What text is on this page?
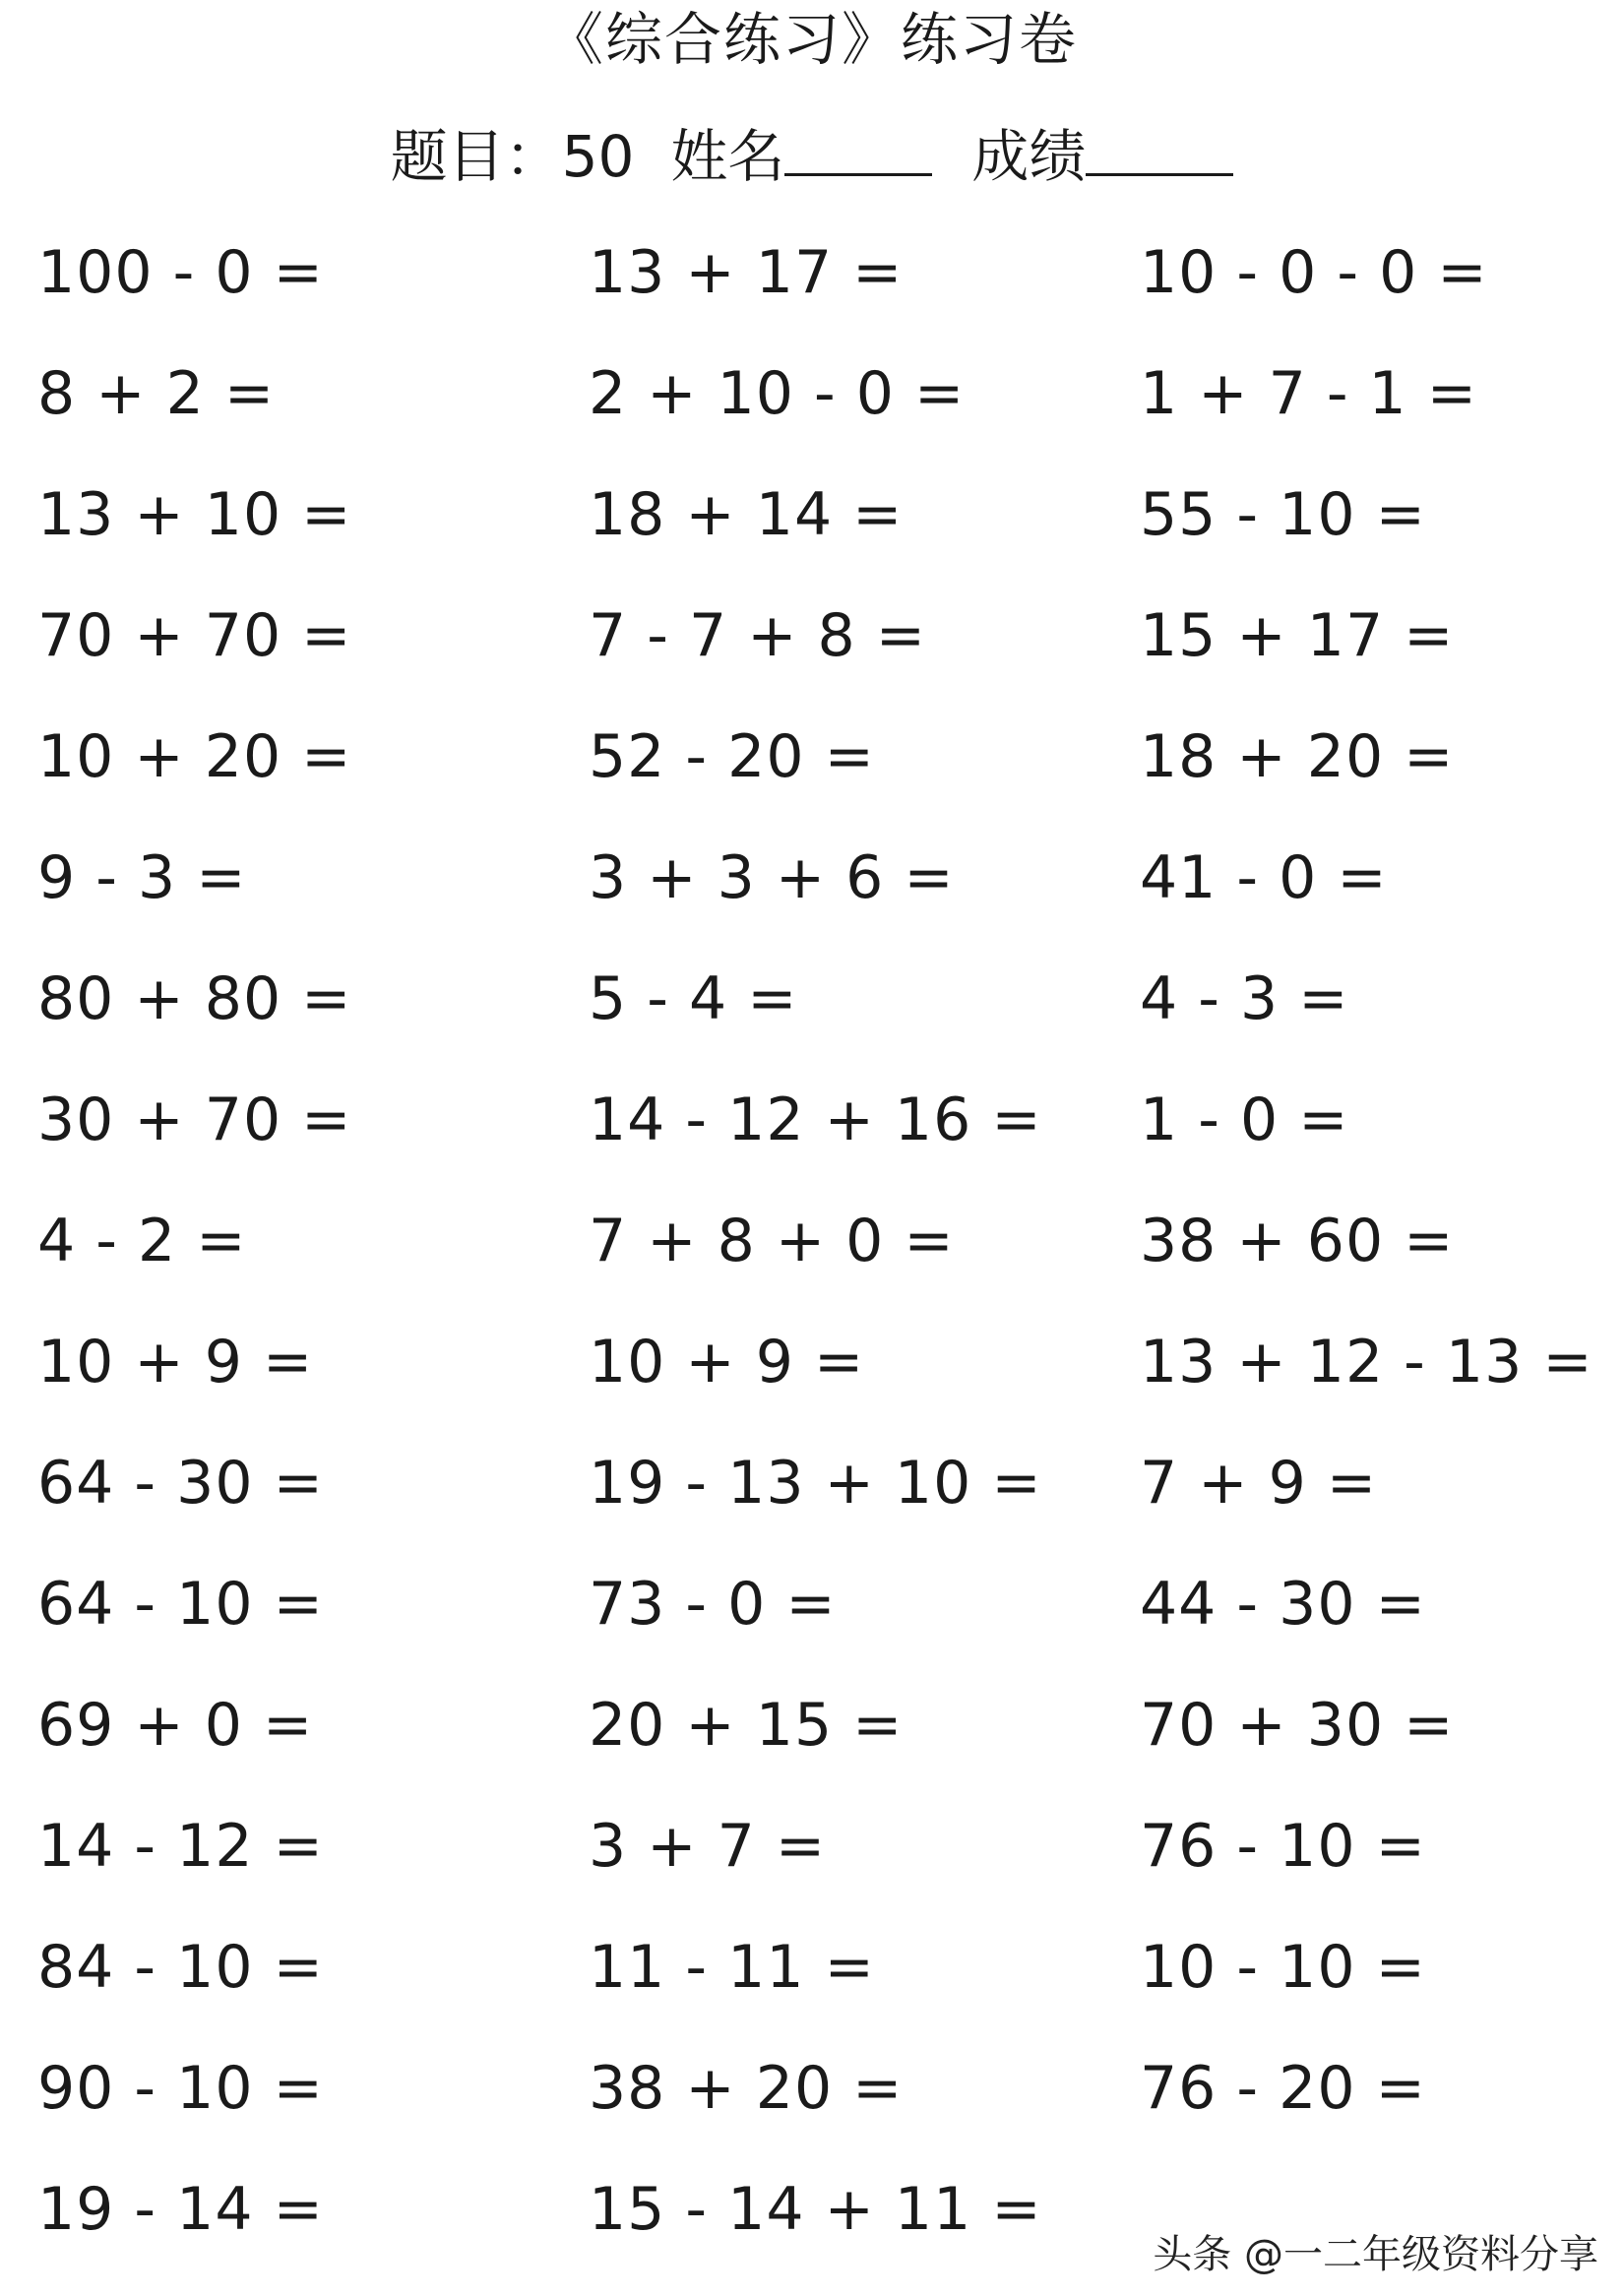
《综合练习》练习卷
题目：50 姓名	成绩
100 - 0 =	13 + 17 =	10 - 0 - 0 =
8 + 2 =	2 + 10 - 0 =	1 + 7 - 1 =
13 + 10 =	18 + 14 =	55 - 10 =
70 + 70 =	7 - 7 + 8 =	15 + 17 =
10 + 20 =	52 - 20 =	18 + 20 =
9 - 3 =	3 + 3 + 6 =	41 - 0 =
80 + 80 =	5 - 4 =	4 - 3 =
30 + 70 =	14 - 12 + 16 =	1 - 0 =
4 - 2 =	7 + 8 + 0 =	38 + 60 =
10 + 9 =	10 + 9 =	13 + 12 - 13 =
64 - 30 =	19 - 13 + 10 =	7 + 9 =
64 - 10 =	73 - 0 =	44 - 30 =
69 + 0 =	20 + 15 =	70 + 30 =
14 - 12 =	3 + 7 =	76 - 10 =
84 - 10 =	11 - 11 =	10 - 10 =
90 - 10 =	38 + 20 =	76 - 20 =
19 - 14 =	15 - 14 + 11 =
头条 @一二年级资料分享
